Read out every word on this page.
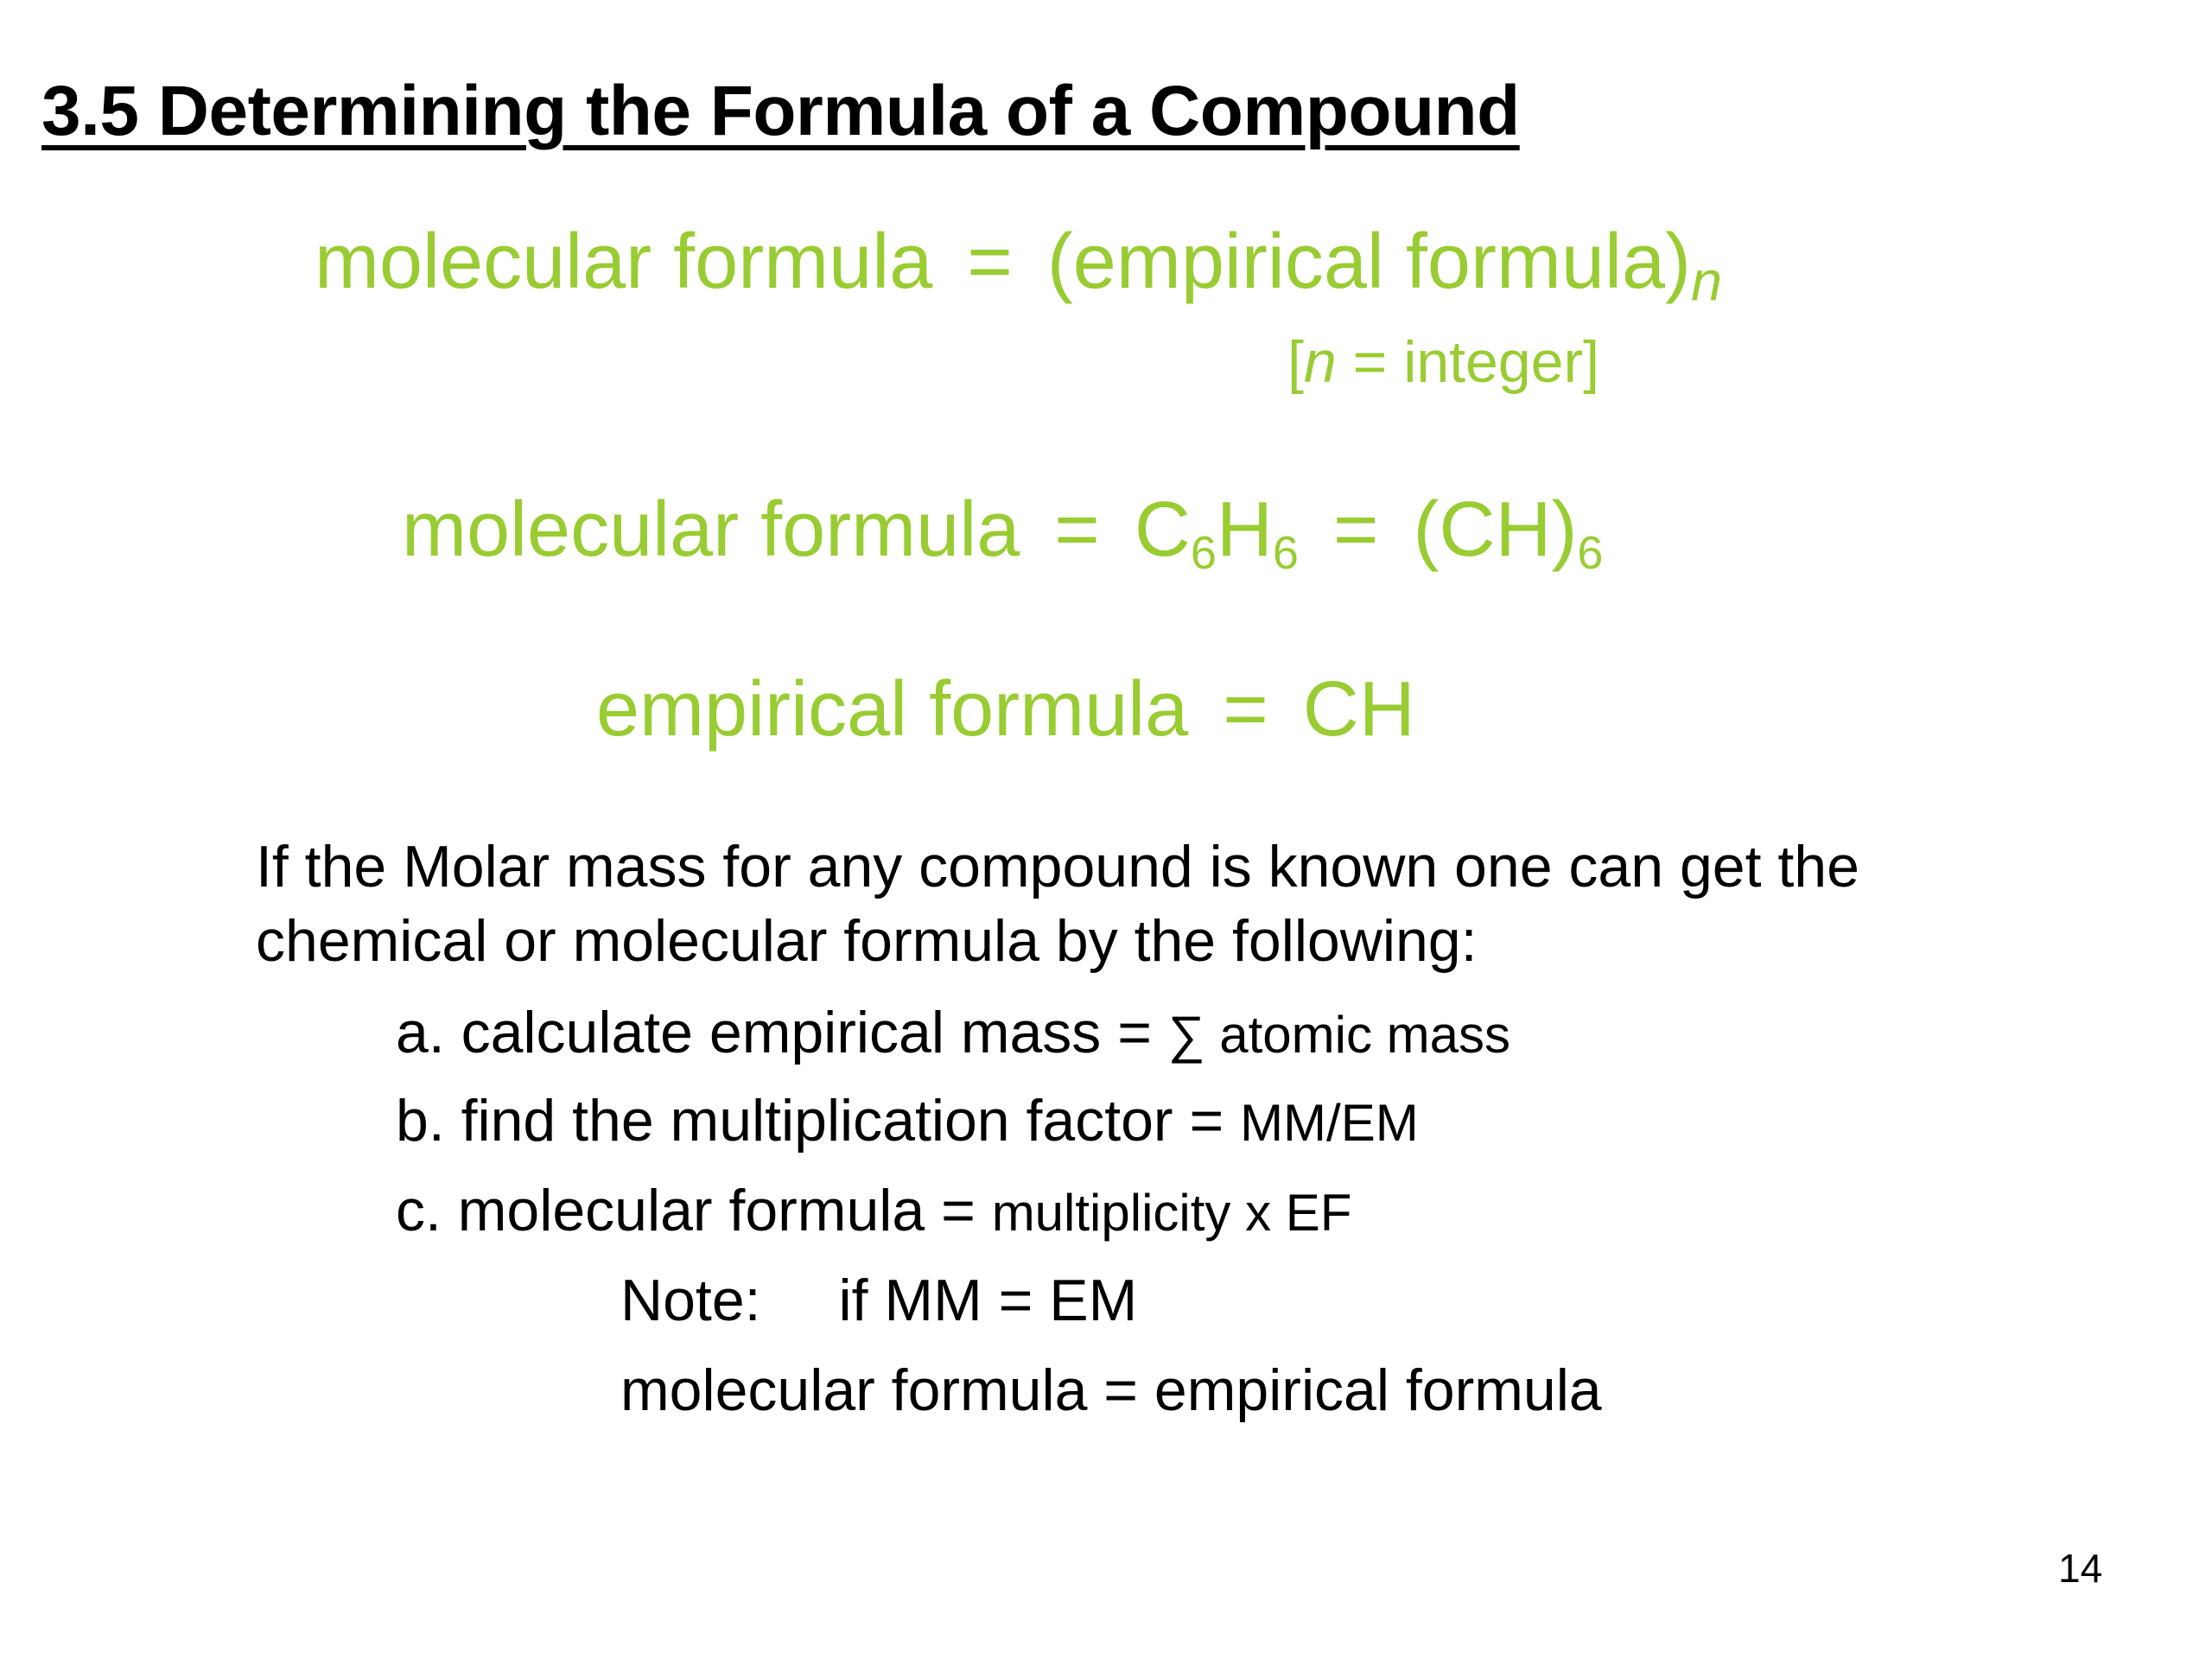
3.5 Determining the Formula of a Compound
molecular formula = (empirical $formula)_n$
[n = integer]
molecular formula = $C_6H_6 = (CH)_6$
empirical formula = CH
If the Molar mass for any compound is known one can get the
chemical or molecular formula by the following:
a. calculate empirical mass = ∑ atomic mass
b. find the multiplication factor = MM/EM
c. molecular formula = multiplicity x EF
Note: if MM = EM
molecular formula = empirical formula
14
